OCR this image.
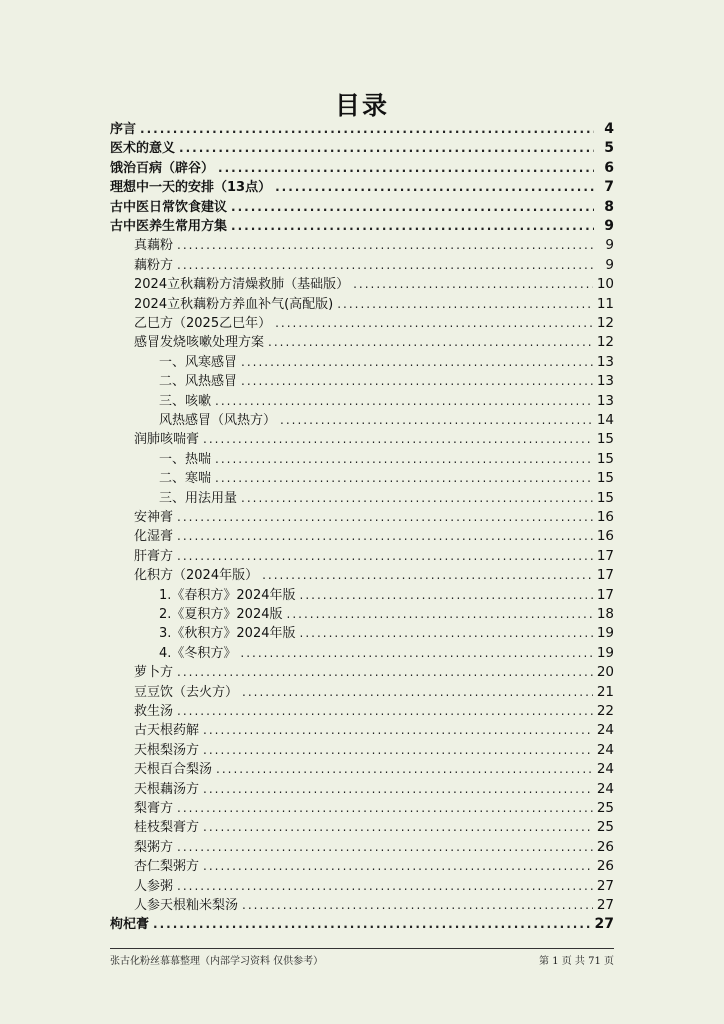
目录
序言 .....	4
医术的意义 .....	5
饿治百病（辟谷） .....	6
理想中一天的安排（13点） .....	7
古中医日常饮食建议 .....	8
古中医养生常用方集 .....	9
真藕粉 .....	9
藕粉方 .....	9
2024立秋藕粉方清燥救肺（基础版） .....	10
2024立秋藕粉方养血补气(高配版) .....	11
乙巳方（2025乙巳年） .....	12
感冒发烧咳嗽处理方案 .....	12
一、风寒感冒 .....	13
二、风热感冒 .....	13
三、咳嗽 .....	13
风热感冒（风热方） .....	14
润肺咳喘膏 .....	15
一、热喘 .....	15
二、寒喘 .....	15
三、用法用量 .....	15
安神膏 .....	16
化湿膏 .....	16
肝膏方 .....	17
化积方（2024年版） .....	17
1.《春积方》2024年版 .....	17
2.《夏积方》2024版 .....	18
3.《秋积方》2024年版 .....	19
4.《冬积方》 .....	19
萝卜方 .....	20
豆豆饮（去火方） .....	21
救生汤 .....	22
古天根药解 .....	24
天根梨汤方 .....	24
天根百合梨汤 .....	24
天根藕汤方 .....	24
梨膏方 .....	25
桂枝梨膏方 .....	25
梨粥方 .....	26
杏仁梨粥方 .....	26
人参粥 .....	27
人参天根籼米梨汤 .....	27
枸杞膏 .....	27
张古化粉丝慕慕整理（内部学习资料 仅供参考）	第 1 页 共 71 页
